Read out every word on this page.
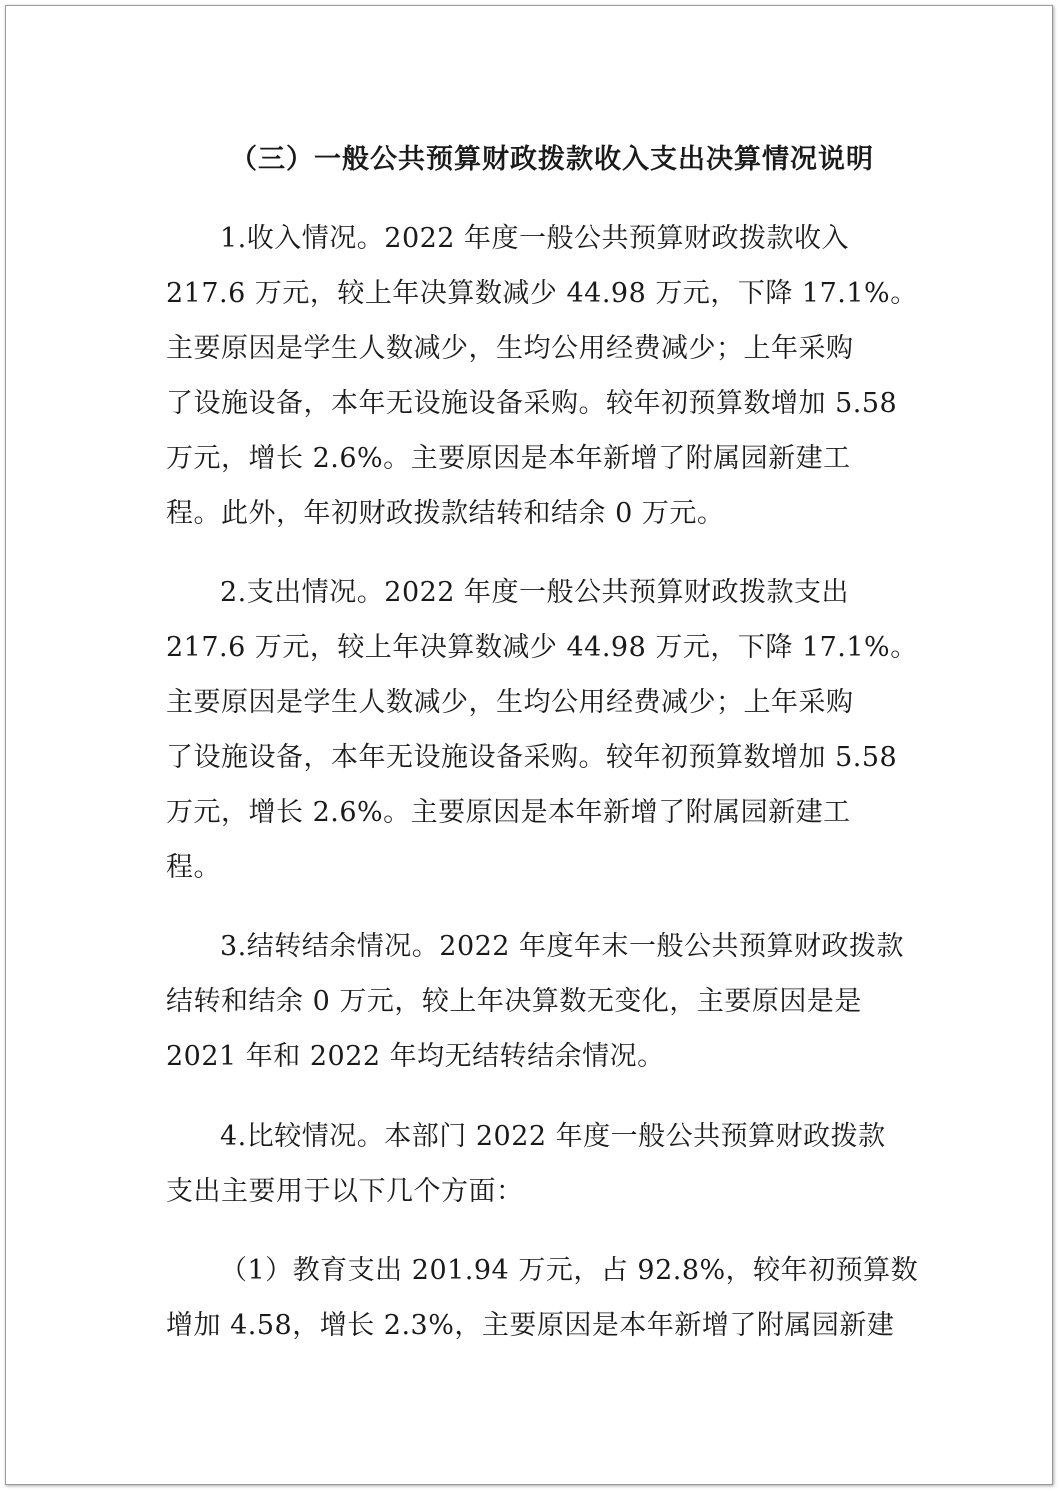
（三）一般公共预算财政拨款收入支出决算情况说明
1.收入情况。2022 年度一般公共预算财政拨款收入
217.6 万元，较上年决算数减少 44.98 万元，下降 17.1%。
主要原因是学生人数减少，生均公用经费减少；上年采购
了设施设备，本年无设施设备采购。较年初预算数增加 5.58
万元，增长 2.6%。主要原因是本年新增了附属园新建工
程。此外，年初财政拨款结转和结余 0 万元。
2.支出情况。2022 年度一般公共预算财政拨款支出
217.6 万元，较上年决算数减少 44.98 万元，下降 17.1%。
主要原因是学生人数减少，生均公用经费减少；上年采购
了设施设备，本年无设施设备采购。较年初预算数增加 5.58
万元，增长 2.6%。主要原因是本年新增了附属园新建工
程。
3.结转结余情况。2022 年度年末一般公共预算财政拨款
结转和结余 0 万元，较上年决算数无变化，主要原因是是
2021 年和 2022 年均无结转结余情况。
4.比较情况。本部门 2022 年度一般公共预算财政拨款
支出主要用于以下几个方面：
（1）教育支出 201.94 万元，占 92.8%，较年初预算数
增加 4.58，增长 2.3%，主要原因是本年新增了附属园新建
